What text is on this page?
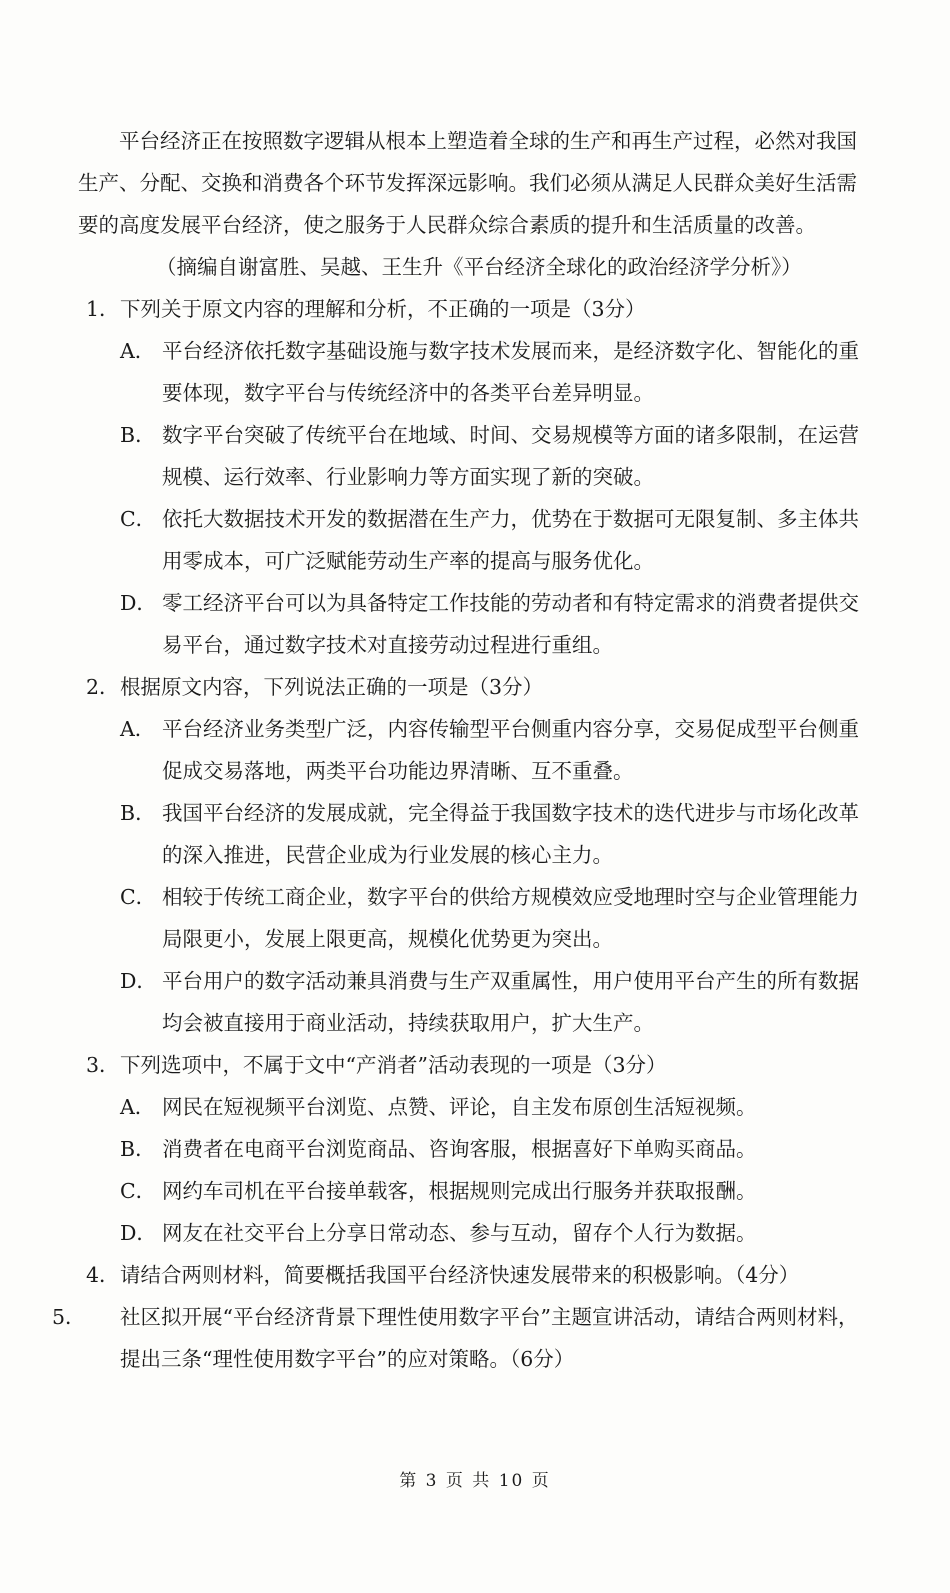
平台经济正在按照数字逻辑从根本上塑造着全球的生产和再生产过程，必然对我国生产、分配、交换和消费各个环节发挥深远影响。我们必须从满足人民群众美好生活需要的高度发展平台经济，使之服务于人民群众综合素质的提升和生活质量的改善。

（摘编自谢富胜、吴越、王生升《平台经济全球化的政治经济学分析》）

1．下列关于原文内容的理解和分析，不正确的一项是（3分）

A． 平台经济依托数字基础设施与数字技术发展而来，是经济数字化、智能化的重要体现，数字平台与传统经济中的各类平台差异明显。

B． 数字平台突破了传统平台在地域、时间、交易规模等方面的诸多限制，在运营规模、运行效率、行业影响力等方面实现了新的突破。

C． 依托大数据技术开发的数据潜在生产力，优势在于数据可无限复制、多主体共用零成本，可广泛赋能劳动生产率的提高与服务优化。

D． 零工经济平台可以为具备特定工作技能的劳动者和有特定需求的消费者提供交易平台，通过数字技术对直接劳动过程进行重组。

2．根据原文内容，下列说法正确的一项是（3分）

A． 平台经济业务类型广泛，内容传输型平台侧重内容分享，交易促成型平台侧重促成交易落地，两类平台功能边界清晰、互不重叠。

B． 我国平台经济的发展成就，完全得益于我国数字技术的迭代进步与市场化改革的深入推进，民营企业成为行业发展的核心主力。

C． 相较于传统工商企业，数字平台的供给方规模效应受地理时空与企业管理能力局限更小，发展上限更高，规模化优势更为突出。

D． 平台用户的数字活动兼具消费与生产双重属性，用户使用平台产生的所有数据均会被直接用于商业活动，持续获取用户，扩大生产。

3．下列选项中，不属于文中“产消者”活动表现的一项是（3分）

A． 网民在短视频平台浏览、点赞、评论，自主发布原创生活短视频。

B． 消费者在电商平台浏览商品、咨询客服，根据喜好下单购买商品。

C． 网约车司机在平台接单载客，根据规则完成出行服务并获取报酬。

D． 网友在社交平台上分享日常动态、参与互动，留存个人行为数据。

4．请结合两则材料，简要概括我国平台经济快速发展带来的积极影响。（4分）

5． 社区拟开展“平台经济背景下理性使用数字平台”主题宣讲活动，请结合两则材料，提出三条“理性使用数字平台”的应对策略。（6分）

第 3 页 共 10 页
